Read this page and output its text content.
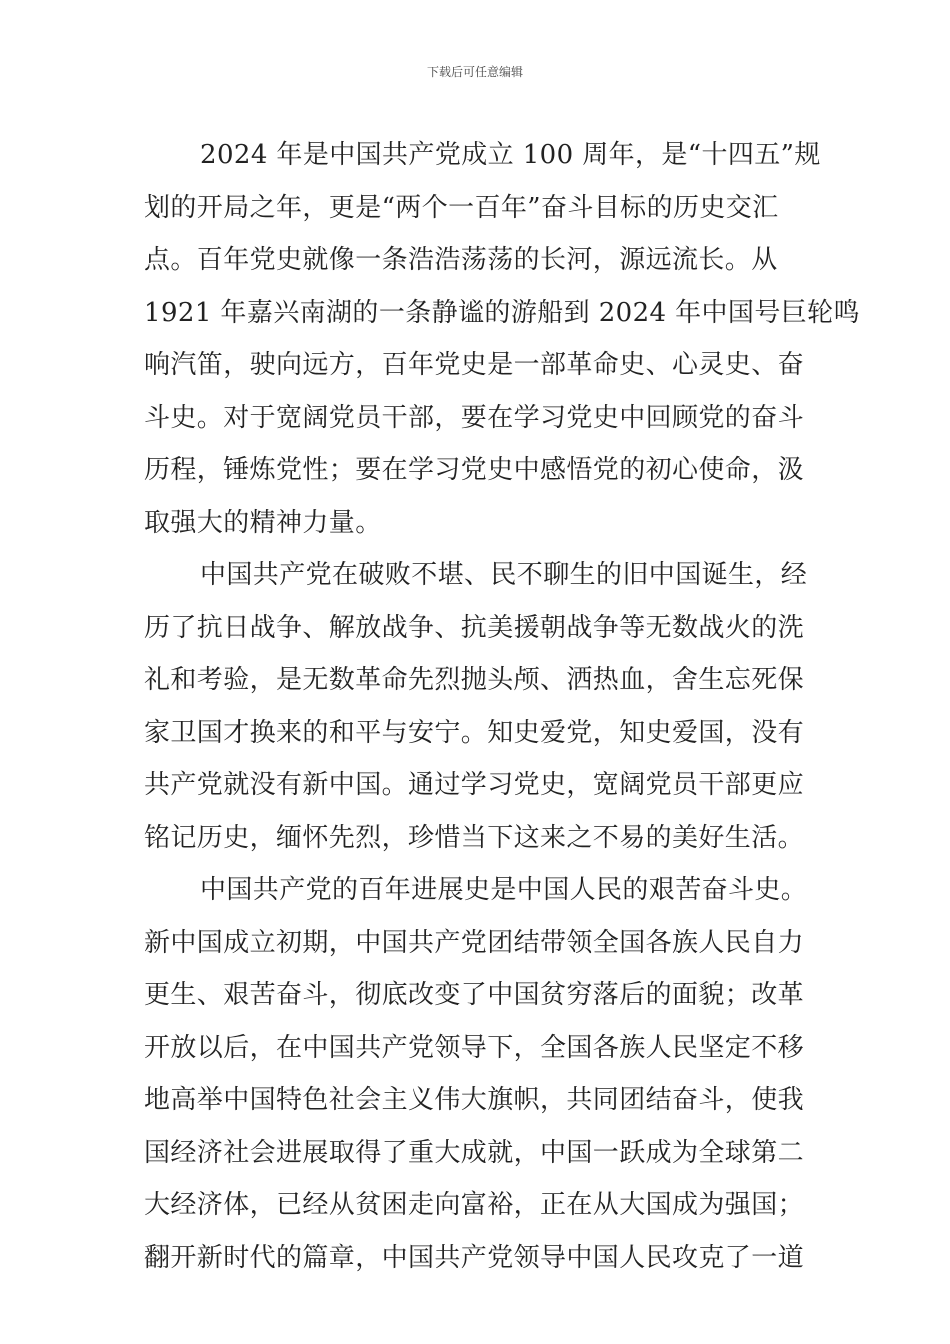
下载后可任意编辑

2024 年是中国共产党成立 100 周年，是“十四五”规
划的开局之年，更是“两个一百年”奋斗目标的历史交汇
点。百年党史就像一条浩浩荡荡的长河，源远流长。从
1921 年嘉兴南湖的一条静谧的游船到 2024 年中国号巨轮鸣
响汽笛，驶向远方，百年党史是一部革命史、心灵史、奋
斗史。对于宽阔党员干部，要在学习党史中回顾党的奋斗
历程，锤炼党性；要在学习党史中感悟党的初心使命，汲
取强大的精神力量。

中国共产党在破败不堪、民不聊生的旧中国诞生，经
历了抗日战争、解放战争、抗美援朝战争等无数战火的洗
礼和考验，是无数革命先烈抛头颅、洒热血，舍生忘死保
家卫国才换来的和平与安宁。知史爱党，知史爱国，没有
共产党就没有新中国。通过学习党史，宽阔党员干部更应
铭记历史，缅怀先烈，珍惜当下这来之不易的美好生活。

中国共产党的百年进展史是中国人民的艰苦奋斗史。
新中国成立初期，中国共产党团结带领全国各族人民自力
更生、艰苦奋斗，彻底改变了中国贫穷落后的面貌；改革
开放以后，在中国共产党领导下，全国各族人民坚定不移
地高举中国特色社会主义伟大旗帜，共同团结奋斗，使我
国经济社会进展取得了重大成就，中国一跃成为全球第二
大经济体，已经从贫困走向富裕，正在从大国成为强国；
翻开新时代的篇章，中国共产党领导中国人民攻克了一道
